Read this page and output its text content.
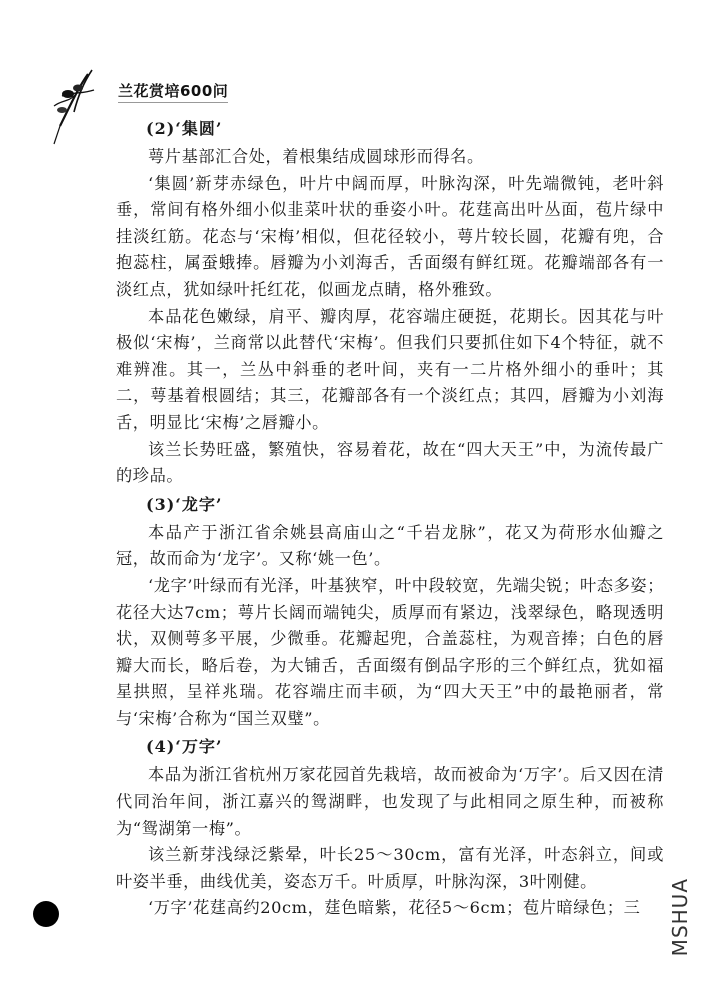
兰花赏培600问
(2)‘集圆’

萼片基部汇合处，着根集结成圆球形而得名。

‘集圆’新芽赤绿色，叶片中阔而厚，叶脉沟深，叶先端微钝，老叶斜垂，常间有格外细小似韭菜叶状的垂姿小叶。花莛高出叶丛面，苞片绿中挂淡红筋。花态与‘宋梅’相似，但花径较小，萼片较长圆，花瓣有兜，合抱蕊柱，属蚕蛾捧。唇瓣为小刘海舌，舌面缀有鲜红斑。花瓣端部各有一淡红点，犹如绿叶托红花，似画龙点睛，格外雅致。

本品花色嫩绿，肩平、瓣肉厚，花容端庄硬挺，花期长。因其花与叶极似‘宋梅’，兰商常以此替代‘宋梅’。但我们只要抓住如下4个特征，就不难辨准。其一，兰丛中斜垂的老叶间，夹有一二片格外细小的垂叶；其二，萼基着根圆结；其三，花瓣部各有一个淡红点；其四，唇瓣为小刘海舌，明显比‘宋梅’之唇瓣小。

该兰长势旺盛，繁殖快，容易着花，故在“四大天王”中，为流传最广的珍品。

(3)‘龙字’

本品产于浙江省余姚县高庙山之“千岩龙脉”，花又为荷形水仙瓣之冠，故而命为‘龙字’。又称‘姚一色’。

‘龙字’叶绿而有光泽，叶基狭窄，叶中段较宽，先端尖锐；叶态多姿；花径大达7cm；萼片长阔而端钝尖，质厚而有紧边，浅翠绿色，略现透明状，双侧萼多平展，少微垂。花瓣起兜，合盖蕊柱，为观音捧；白色的唇瓣大而长，略后卷，为大铺舌，舌面缀有倒品字形的三个鲜红点，犹如福星拱照，呈祥兆瑞。花容端庄而丰硕，为“四大天王”中的最艳丽者，常与‘宋梅’合称为“国兰双璧”。

(4)‘万字’

本品为浙江省杭州万家花园首先栽培，故而被命为‘万字’。后又因在清代同治年间，浙江嘉兴的鸳湖畔，也发现了与此相同之原生种，而被称为“鸳湖第一梅”。

该兰新芽浅绿泛紫晕，叶长25～30cm，富有光泽，叶态斜立，间或叶姿半垂，曲线优美，姿态万千。叶质厚，叶脉沟深，3叶刚健。

‘万字’花莛高约20cm，莛色暗紫，花径5～6cm；苞片暗绿色；三	MSHUA
